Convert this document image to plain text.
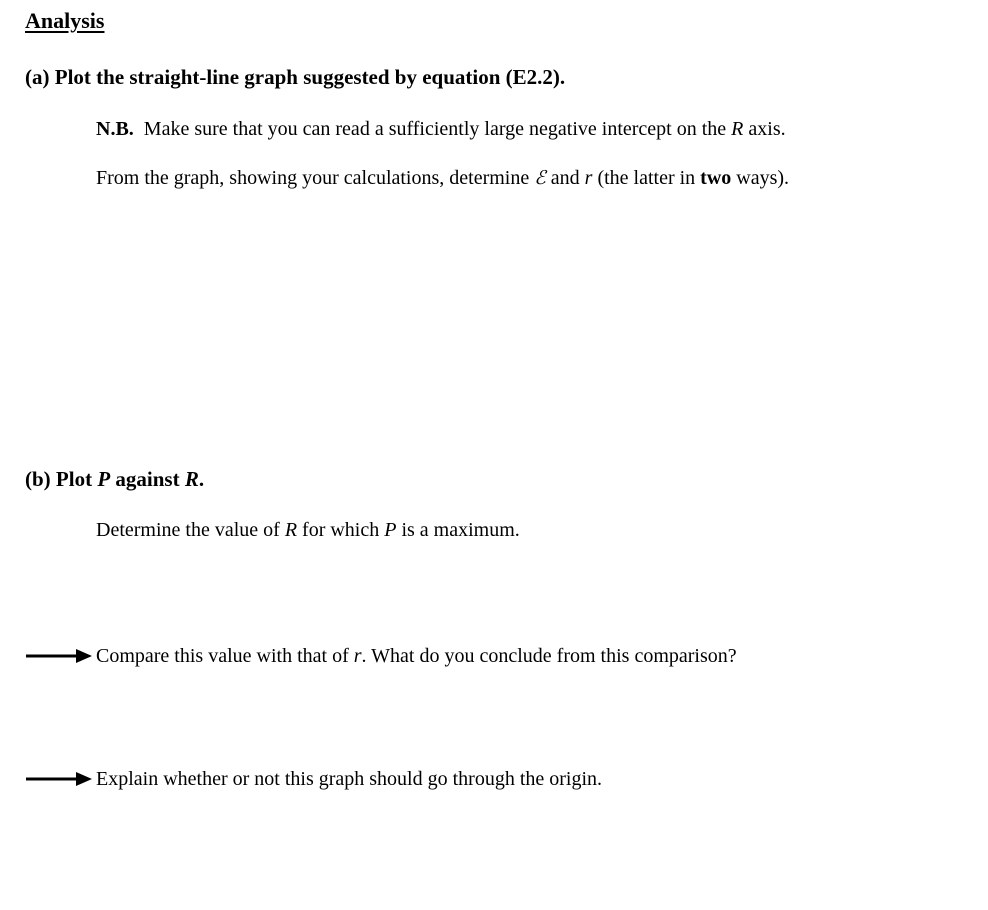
Analysis
(a) Plot the straight-line graph suggested by equation (E2.2).
N.B. Make sure that you can read a sufficiently large negative intercept on the R axis.
From the graph, showing your calculations, determine ℰ and r (the latter in two ways).
(b) Plot P against R.
Determine the value of R for which P is a maximum.
Compare this value with that of r. What do you conclude from this comparison?
Explain whether or not this graph should go through the origin.
